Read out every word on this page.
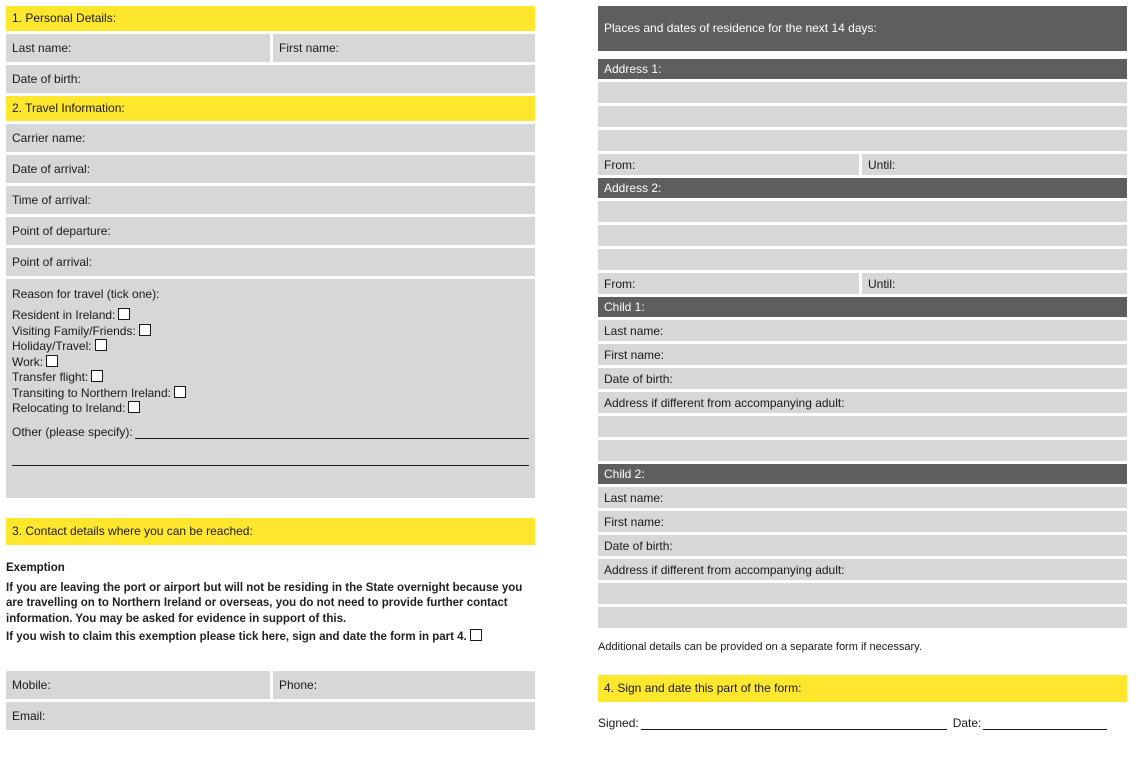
1. Personal Details:
Last name:	First name:
Date of birth:
2. Travel Information:
Carrier name:
Date of arrival:
Time of arrival:
Point of departure:
Point of arrival:
Reason for travel (tick one):
Resident in Ireland:
Visiting Family/Friends:
Holiday/Travel:
Work:
Transfer flight:
Transiting to Northern Ireland:
Relocating to Ireland:
Other (please specify):
3. Contact details where you can be reached:
Exemption

If you are leaving the port or airport but will not be residing in the State overnight because you are travelling on to Northern Ireland or overseas, you do not need to provide further contact information. You may be asked for evidence in support of this.

If you wish to claim this exemption please tick here, sign and date the form in part 4.

Mobile:	Phone:
Email:
Places and dates of residence for the next 14 days:
Address 1:
From:	Until:
Address 2:
From:	Until:
Child 1:
Last name:
First name:
Date of birth:
Address if different from accompanying adult:
Child 2:
Last name:
First name:
Date of birth:
Address if different from accompanying adult:
Additional details can be provided on a separate form if necessary.
4. Sign and date this part of the form:
Signed:	Date:
